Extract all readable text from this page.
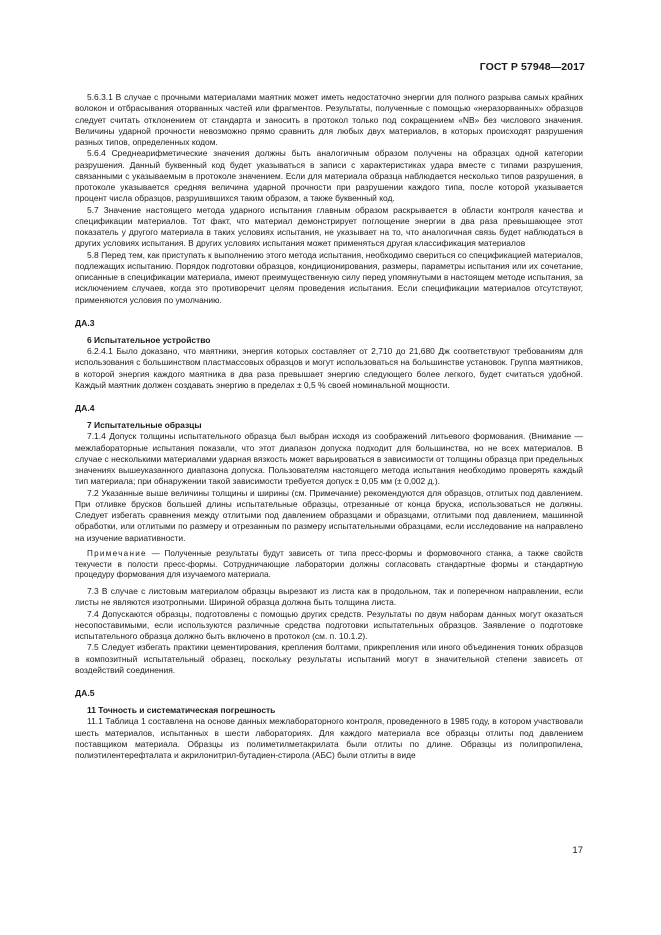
ГОСТ Р 57948—2017

5.6.3.1 В случае с прочными материалами маятник может иметь недостаточно энергии для полного разрыва самых крайних волокон и отбрасывания оторванных частей или фрагментов. Результаты, полученные с помощью «неразорванных» образцов следует считать отклонением от стандарта и заносить в протокол только под сокращением «NB» без числового значения. Величины ударной прочности невозможно прямо сравнить для любых двух материалов, в которых происходят разрушения разных типов, определенных кодом.

5.6.4 Среднеарифметические значения должны быть аналогичным образом получены на образцах одной категории разрушения. Данный буквенный код будет указываться в записи с характеристиках удара вместе с типами разрушения, связанными с указываемым в протоколе значением. Если для материала образца наблюдается несколько типов разрушения, в протоколе указывается средняя величина ударной прочности при разрушении каждого типа, после которой указывается процент числа образцов, разрушившихся таким образом, а также буквенный код.

5.7 Значение настоящего метода ударного испытания главным образом раскрывается в области контроля качества и спецификации материалов. Тот факт, что материал демонстрирует поглощение энергии в два раза превышающее этот показатель у другого материала в таких условиях испытания, не указывает на то, что аналогичная связь будет наблюдаться в других условиях испытания. В других условиях испытания может применяться другая классификация материалов

5.8 Перед тем, как приступать к выполнению этого метода испытания, необходимо свериться со спецификацией материалов, подлежащих испытанию. Порядок подготовки образцов, кондиционирования, размеры, параметры испытания или их сочетание, описанные в спецификации материала, имеют преимущественную силу перед упомянутыми в настоящем методе испытания, за исключением случаев, когда это противоречит целям проведения испытания. Если спецификации материалов отсутствуют, применяются условия по умолчанию.

ДА.3
6 Испытательное устройство

6.2.4.1 Было доказано, что маятники, энергия которых составляет от 2,710 до 21,680 Дж соответствуют требованиям для использования с большинством пластмассовых образцов и могут использоваться на большинстве установок. Группа маятников, в которой энергия каждого маятника в два раза превышает энергию следующего более легкого, будет считаться удобной. Каждый маятник должен создавать энергию в пределах ± 0,5 % своей номинальной мощности.

ДА.4
7 Испытательные образцы

7.1.4 Допуск толщины испытательного образца был выбран исходя из соображений литьевого формования. (Внимание — межлабораторные испытания показали, что этот диапазон допуска подходит для большинства, но не всех материалов. В случае с несколькими материалами ударная вязкость может варьироваться в зависимости от толщины образца при предельных значениях вышеуказанного диапазона допуска. Пользователям настоящего метода испытания необходимо проверять каждый тип материала; при обнаружении такой зависимости требуется допуск ± 0,05 мм (± 0,002 д.).

7.2 Указанные выше величины толщины и ширины (см. Примечание) рекомендуются для образцов, отлитых под давлением. При отливке брусков большей длины испытательные образцы, отрезанные от конца бруска, использоваться не должны. Следует избегать сравнения между отлитыми под давлением образцами и образцами, отлитыми под давлением, машинной обработки, или отлитыми по размеру и отрезанным по размеру испытательными образцами, если исследование на направлено на изучение вариативности.

Примечание — Полученные результаты будут зависеть от типа пресс-формы и формовочного станка, а также свойств текучести в полости пресс-формы. Сотрудничающие лаборатории должны согласовать стандартные формы и стандартную процедуру формования для изучаемого материала.

7.3 В случае с листовым материалом образцы вырезают из листа как в продольном, так и поперечном направлении, если листы не являются изотропными. Шириной образца должна быть толщина листа.

7.4 Допускаются образцы, подготовлены с помощью других средств. Результаты по двум наборам данных могут оказаться несопоставимыми, если используются различные средства подготовки испытательных образцов. Заявление о подготовке испытательного образца должно быть включено в протокол (см. п. 10.1.2).

7.5 Следует избегать практики цементирования, крепления болтами, прикрепления или иного объединения тонких образцов в композитный испытательный образец, поскольку результаты испытаний могут в значительной степени зависеть от воздействий соединения.

ДА.5
11 Точность и систематическая погрешность

11.1 Таблица 1 составлена на основе данных межлабораторного контроля, проведенного в 1985 году, в котором участвовали шесть материалов, испытанных в шести лабораториях. Для каждого материала все образцы отлиты под давлением поставщиком материала. Образцы из полиметилметакрилата были отлиты по длине. Образцы из полипропилена, полиэтилентерефталата и акрилонитрил-бутадиен-стирола (АБС) были отлиты в виде

17
